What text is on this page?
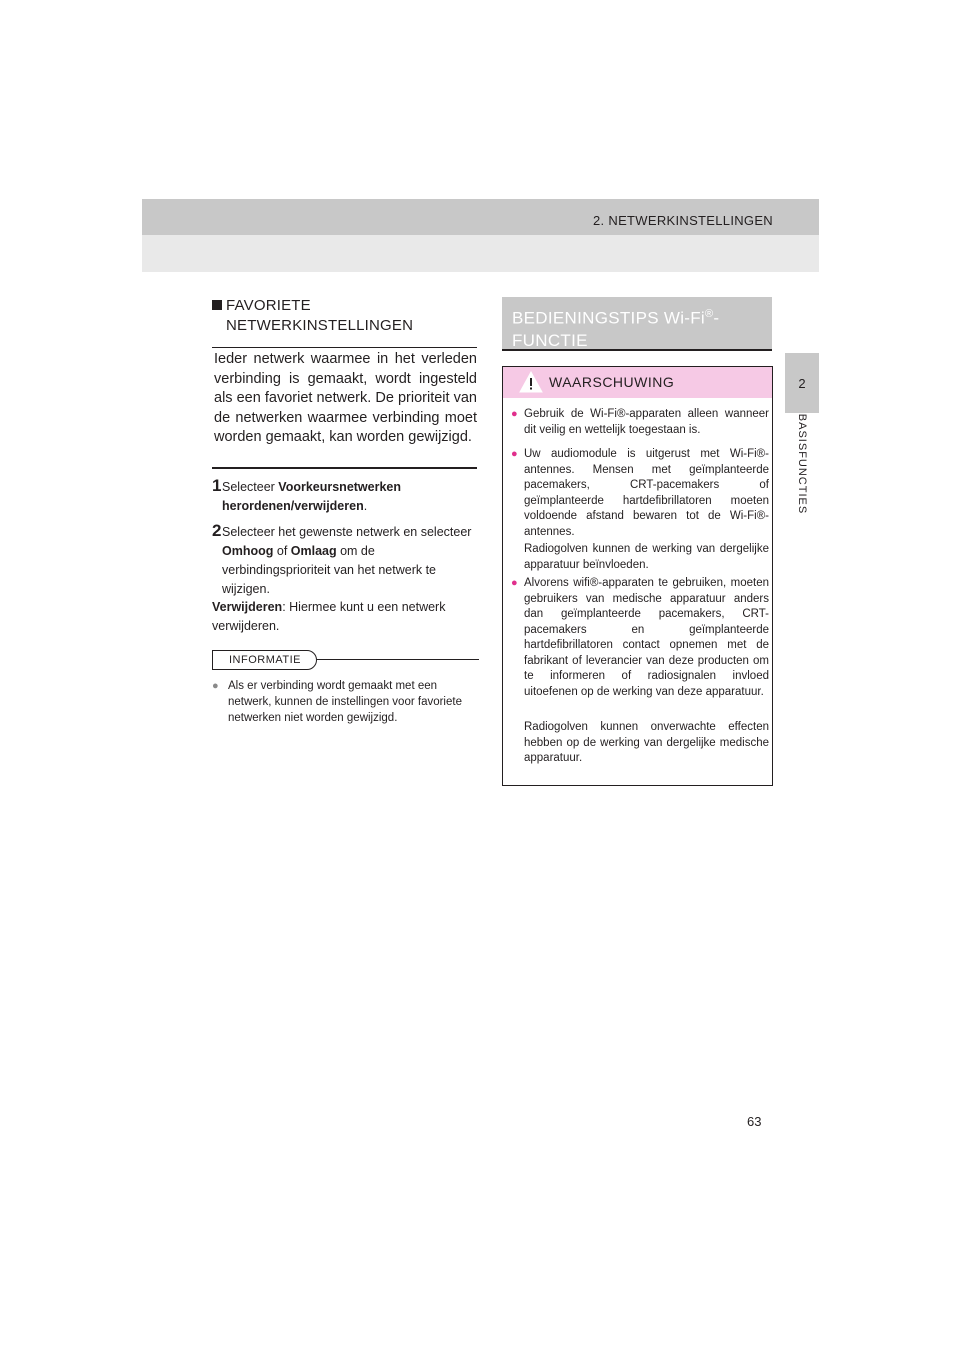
2. NETWERKINSTELLINGEN
2
BASISFUNCTIES
FAVORIETE
NETWERKINSTELLINGEN
Ieder netwerk waarmee in het verleden verbinding is gemaakt, wordt ingesteld als een favoriet netwerk. De prioriteit van de netwerken waarmee verbinding moet worden gemaakt, kan worden gewijzigd.
1 Selecteer Voorkeursnetwerken herordenen/verwijderen.
2 Selecteer het gewenste netwerk en selecteer Omhoog of Omlaag om de verbindingsprioriteit van het netwerk te wijzigen.
Verwijderen: Hiermee kunt u een netwerk verwijderen.
INFORMATIE
● Als er verbinding wordt gemaakt met een netwerk, kunnen de instellingen voor favoriete netwerken niet worden gewijzigd.
BEDIENINGSTIPS Wi-Fi®-
FUNCTIE
WAARSCHUWING
● Gebruik de Wi-Fi®-apparaten alleen wanneer dit veilig en wettelijk toegestaan is.
● Uw audiomodule is uitgerust met Wi-Fi®-antennes. Mensen met geïmplanteerde pacemakers, CRT-pacemakers of geïmplanteerde hartdefibrillatoren moeten voldoende afstand bewaren tot de Wi-Fi®-antennes.
Radiogolven kunnen de werking van dergelijke apparatuur beïnvloeden.
● Alvorens wifi®-apparaten te gebruiken, moeten gebruikers van medische apparatuur anders dan geïmplanteerde pacemakers, CRT-pacemakers en geïmplanteerde hartdefibrillatoren contact opnemen met de fabrikant of leverancier van deze producten om te informeren of radiosignalen invloed uitoefenen op de werking van deze apparatuur.
Radiogolven kunnen onverwachte effecten hebben op de werking van dergelijke medische apparatuur.
63
